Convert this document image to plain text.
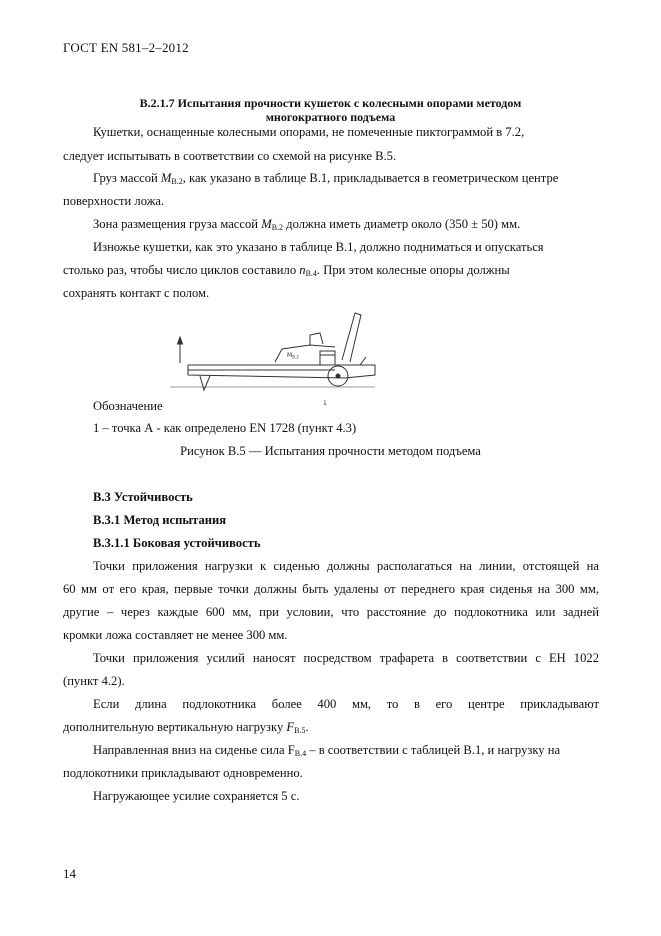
ГОСТ EN 581–2–2012
В.2.1.7 Испытания прочности кушеток с колесными опорами методом
многократного подъема
Кушетки, оснащенные колесными опорами, не помеченные пиктограммой в 7.2,
следует испытывать в соответствии со схемой на рисунке В.5.
Груз массой $M_{B.2}$, как указано в таблице В.1, прикладывается в геометрическом центре
поверхности ложа.
Зона размещения груза массой $M_{B.2}$ должна иметь диаметр около (350 ± 50) мм.
Изножье кушетки, как это указано в таблице В.1, должно подниматься и опускаться
столько раз, чтобы число циклов составило $n_{B.4}$. При этом колесные опоры должны
сохранять контакт с полом.
$M_{B.2}$
1
Обозначение
1 – точка А - как определено EN 1728 (пункт 4.3)
Рисунок В.5 — Испытания прочности методом подъема
В.3 Устойчивость
В.3.1 Метод испытания
В.3.1.1 Боковая устойчивость
Точки приложения нагрузки к сиденью должны располагаться на линии, отстоящей на
60 мм от его края, первые точки должны быть удалены от переднего края сиденья на 300 мм,
другие – через каждые 600 мм, при условии, что расстояние до подлокотника или задней
кромки ложа составляет не менее 300 мм.
Точки приложения усилий наносят посредством трафарета в соответствии с ЕН 1022
(пункт 4.2).
Если длина подлокотника более 400 мм, то в его центре прикладывают
дополнительную вертикальную нагрузку $F_{B.5}$.
Направленная вниз на сиденье сила $F_{B.4}$ – в соответствии с таблицей В.1, и нагрузку на
подлокотники прикладывают одновременно.
Нагружающее усилие сохраняется 5 с.
14
